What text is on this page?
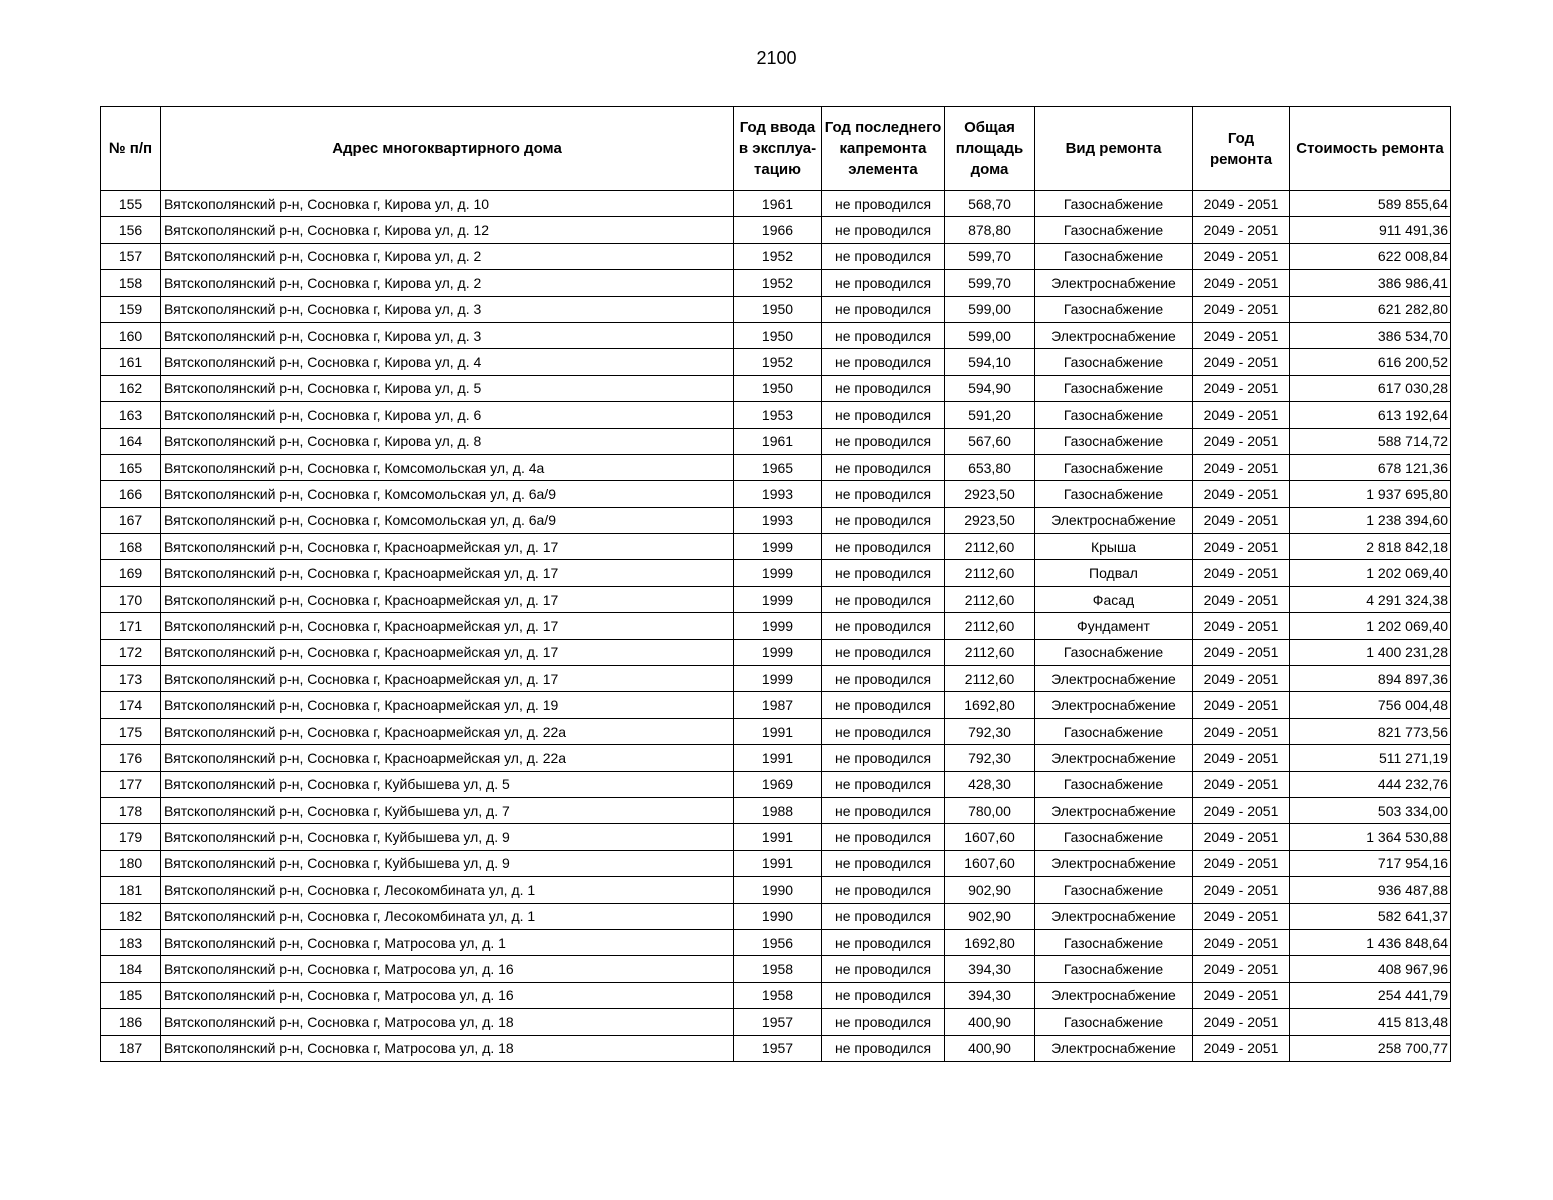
2100
№ п/п	Адрес многоквартирного дома	Год ввода в эксплуа-тацию	Год последнего капремонта элемента	Общая площадь дома	Вид ремонта	Год ремонта	Стоимость ремонта
155	Вятскополянский р-н, Сосновка г, Кирова ул, д. 10	1961	не проводился	568,70	Газоснабжение	2049 - 2051	589 855,64
156	Вятскополянский р-н, Сосновка г, Кирова ул, д. 12	1966	не проводился	878,80	Газоснабжение	2049 - 2051	911 491,36
157	Вятскополянский р-н, Сосновка г, Кирова ул, д. 2	1952	не проводился	599,70	Газоснабжение	2049 - 2051	622 008,84
158	Вятскополянский р-н, Сосновка г, Кирова ул, д. 2	1952	не проводился	599,70	Электроснабжение	2049 - 2051	386 986,41
159	Вятскополянский р-н, Сосновка г, Кирова ул, д. 3	1950	не проводился	599,00	Газоснабжение	2049 - 2051	621 282,80
160	Вятскополянский р-н, Сосновка г, Кирова ул, д. 3	1950	не проводился	599,00	Электроснабжение	2049 - 2051	386 534,70
161	Вятскополянский р-н, Сосновка г, Кирова ул, д. 4	1952	не проводился	594,10	Газоснабжение	2049 - 2051	616 200,52
162	Вятскополянский р-н, Сосновка г, Кирова ул, д. 5	1950	не проводился	594,90	Газоснабжение	2049 - 2051	617 030,28
163	Вятскополянский р-н, Сосновка г, Кирова ул, д. 6	1953	не проводился	591,20	Газоснабжение	2049 - 2051	613 192,64
164	Вятскополянский р-н, Сосновка г, Кирова ул, д. 8	1961	не проводился	567,60	Газоснабжение	2049 - 2051	588 714,72
165	Вятскополянский р-н, Сосновка г, Комсомольская ул, д. 4а	1965	не проводился	653,80	Газоснабжение	2049 - 2051	678 121,36
166	Вятскополянский р-н, Сосновка г, Комсомольская ул, д. 6а/9	1993	не проводился	2923,50	Газоснабжение	2049 - 2051	1 937 695,80
167	Вятскополянский р-н, Сосновка г, Комсомольская ул, д. 6а/9	1993	не проводился	2923,50	Электроснабжение	2049 - 2051	1 238 394,60
168	Вятскополянский р-н, Сосновка г, Красноармейская ул, д. 17	1999	не проводился	2112,60	Крыша	2049 - 2051	2 818 842,18
169	Вятскополянский р-н, Сосновка г, Красноармейская ул, д. 17	1999	не проводился	2112,60	Подвал	2049 - 2051	1 202 069,40
170	Вятскополянский р-н, Сосновка г, Красноармейская ул, д. 17	1999	не проводился	2112,60	Фасад	2049 - 2051	4 291 324,38
171	Вятскополянский р-н, Сосновка г, Красноармейская ул, д. 17	1999	не проводился	2112,60	Фундамент	2049 - 2051	1 202 069,40
172	Вятскополянский р-н, Сосновка г, Красноармейская ул, д. 17	1999	не проводился	2112,60	Газоснабжение	2049 - 2051	1 400 231,28
173	Вятскополянский р-н, Сосновка г, Красноармейская ул, д. 17	1999	не проводился	2112,60	Электроснабжение	2049 - 2051	894 897,36
174	Вятскополянский р-н, Сосновка г, Красноармейская ул, д. 19	1987	не проводился	1692,80	Электроснабжение	2049 - 2051	756 004,48
175	Вятскополянский р-н, Сосновка г, Красноармейская ул, д. 22а	1991	не проводился	792,30	Газоснабжение	2049 - 2051	821 773,56
176	Вятскополянский р-н, Сосновка г, Красноармейская ул, д. 22а	1991	не проводился	792,30	Электроснабжение	2049 - 2051	511 271,19
177	Вятскополянский р-н, Сосновка г, Куйбышева ул, д. 5	1969	не проводился	428,30	Газоснабжение	2049 - 2051	444 232,76
178	Вятскополянский р-н, Сосновка г, Куйбышева ул, д. 7	1988	не проводился	780,00	Электроснабжение	2049 - 2051	503 334,00
179	Вятскополянский р-н, Сосновка г, Куйбышева ул, д. 9	1991	не проводился	1607,60	Газоснабжение	2049 - 2051	1 364 530,88
180	Вятскополянский р-н, Сосновка г, Куйбышева ул, д. 9	1991	не проводился	1607,60	Электроснабжение	2049 - 2051	717 954,16
181	Вятскополянский р-н, Сосновка г, Лесокомбината ул, д. 1	1990	не проводился	902,90	Газоснабжение	2049 - 2051	936 487,88
182	Вятскополянский р-н, Сосновка г, Лесокомбината ул, д. 1	1990	не проводился	902,90	Электроснабжение	2049 - 2051	582 641,37
183	Вятскополянский р-н, Сосновка г, Матросова ул, д. 1	1956	не проводился	1692,80	Газоснабжение	2049 - 2051	1 436 848,64
184	Вятскополянский р-н, Сосновка г, Матросова ул, д. 16	1958	не проводился	394,30	Газоснабжение	2049 - 2051	408 967,96
185	Вятскополянский р-н, Сосновка г, Матросова ул, д. 16	1958	не проводился	394,30	Электроснабжение	2049 - 2051	254 441,79
186	Вятскополянский р-н, Сосновка г, Матросова ул, д. 18	1957	не проводился	400,90	Газоснабжение	2049 - 2051	415 813,48
187	Вятскополянский р-н, Сосновка г, Матросова ул, д. 18	1957	не проводился	400,90	Электроснабжение	2049 - 2051	258 700,77
